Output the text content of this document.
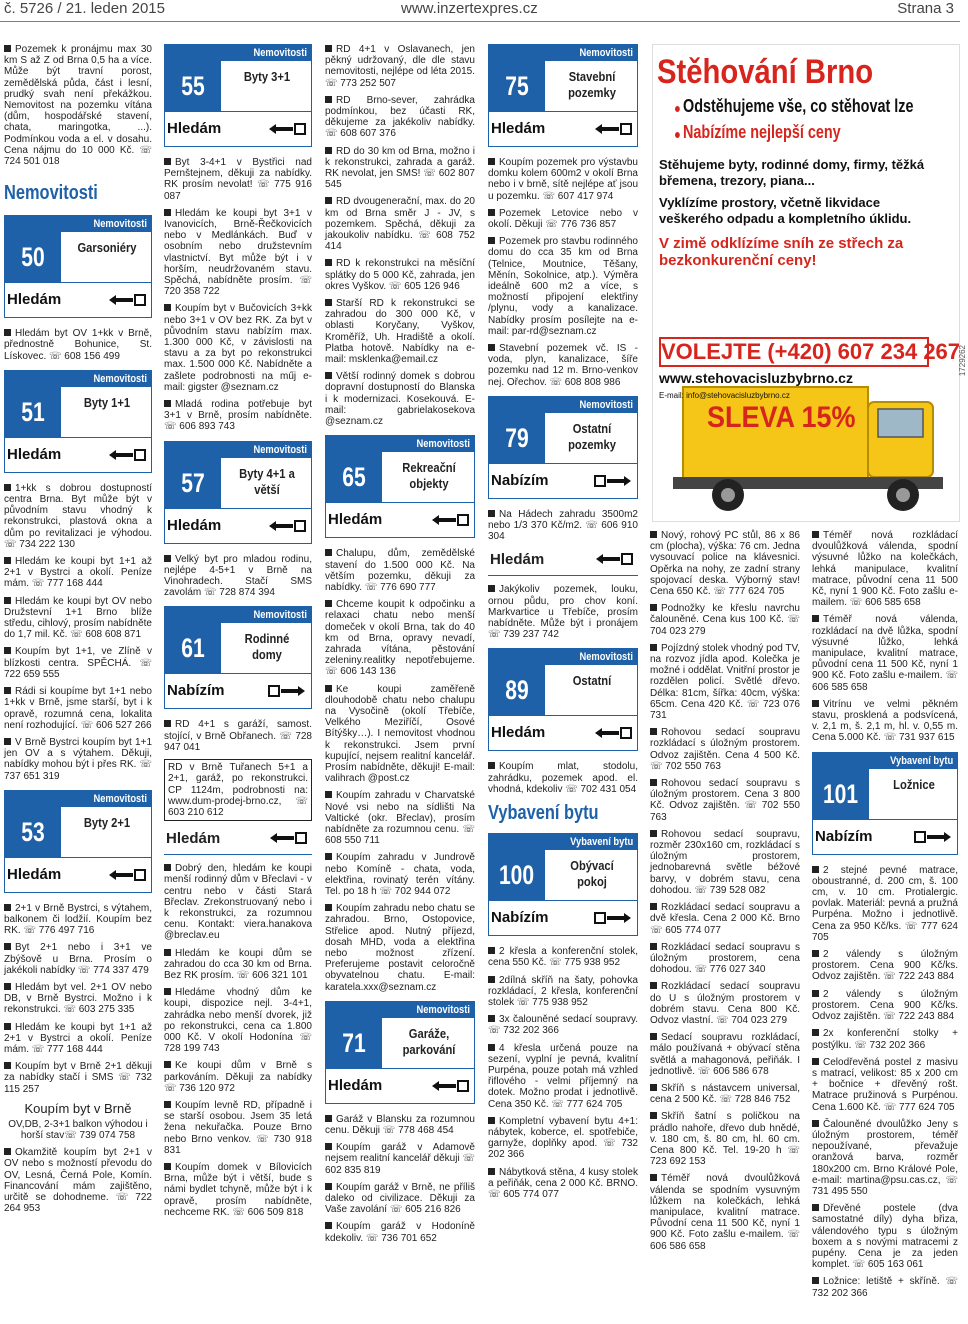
č. 5726 / 21. leden 2015	www.inzertexpres.cz	Strana 3

Pozemek k pronájmu max 30 km S až Z od Brna 0,5 ha a více. Může být travní porost, zemědělská půda, část i lesní, prudký svah není překážkou. Nemovitost na pozemku vítána (dům, hospodářské stavení, chata, maringotka, ...). Podmínkou voda a el. v dosahu. Cena nájmu do 10 000 Kč. ☏ 724 501 018

Nemovitosti
Nemovitosti
50	Garsoniéry
Hledám

Hledám byt OV 1+kk v Brně, přednostně Bohunice, St. Lískovec. ☏ 608 156 499

Nemovitosti
51	Byty 1+1
Hledám

1+kk s dobrou dostupností centra Brna. Byt může být v původním stavu vhodný k rekonstrukci, plastová okna a dům po revitalizaci je výhodou. ☏ 734 222 130

Hledám ke koupi byt 1+1 až 2+1 v Bystrci a okolí. Peníze mám. ☏ 777 168 444

Hledám ke koupi byt OV nebo Družstevní 1+1 Brno blíže středu, cihlový, prosím nabídněte do 1,7 mil. Kč. ☏ 608 608 871

Koupím byt 1+1, ve Zlíně v blízkosti centra. SPĚCHÁ. ☏ 722 659 555

Rádi si koupíme byt 1+1 nebo 1+kk v Brně, jsme starší, byt i k opravě, rozumná cena, lokalita není rozhodující. ☏ 606 527 266

V Brně Bystrci koupím byt 1+1 jen OV a s výtahem. Děkuji, nabídky mohou být i přes RK. ☏ 737 651 319

Nemovitosti
53	Byty 2+1
Hledám

2+1 v Brně Bystrci, s výtahem, balkonem či lodžií. Koupím bez RK. ☏ 776 497 716

Byt 2+1 nebo i 3+1 ve Zbýšově u Brna. Prosím o jakékoli nabídky ☏ 774 337 479

Hledám byt vel. 2+1 OV nebo DB, v Brně Bystrci. Možno i k rekonstrukci. ☏ 603 275 335

Hledám ke koupi byt 1+1 až 2+1 v Bystrci a okolí. Peníze mám. ☏ 777 168 444

Koupím byt v Brně 2+1 děkuji za nabídky stačí i SMS ☏ 732 115 257

Koupím byt v Brně

OV,DB, 2-3+1 balkon výhodou i horší stav☏ 739 074 758

Okamžitě koupím byt 2+1 v OV nebo s možností převodu do OV, Lesná, Černá Pole, Komín. Financování mám zajištěno, určitě se dohodneme. ☏ 722 264 953

Nemovitosti
55	Byty 3+1
Hledám

Byt 3-4+1 v Bystřici nad Pernštejnem, děkuji za nabídky. RK prosím nevolat! ☏ 775 916 087

Hledám ke koupi byt 3+1 v Ivanovicích, Brně-Řečkovicích nebo v Medlánkách. Buď v osobním nebo družstevním vlastnictví. Byt může být i v horším, neudržovaném stavu. Spěchá, nabídněte prosím. ☏ 720 358 722

Koupím byt v Bučovicích 3+kk nebo 3+1 v OV bez RK. Za byt v původním stavu nabízím max. 1.300 000 Kč, v závislosti na stavu a za byt po rekonstrukci max. 1.500 000 Kč. Nabídněte a zašlete podrobnosti na műj e-mail: gigster @seznam.cz

Mladá rodina potřebuje byt 3+1 v Brně, prosím nabídněte. ☏ 606 893 743

Nemovitosti
57	Byty 4+1 a větší
Hledám

Velký byt pro mladou rodinu, nejlépe 4-5+1 v Brně na Vinohradech. Stačí SMS zavolám ☏ 728 874 394

Nemovitosti
61	Rodinné domy
Nabízím

RD 4+1 s garáží, samost. stojící, v Brně Obřanech. ☏ 728 947 041

RD v Brně Tuřanech 5+1 a 2+1, garáž, po rekonstrukci. CP 1124m, podrobnosti na: www.dum-prodej-brno.cz, ☏ 603 210 612

Hledám

Dobrý den, hledám ke koupi menší rodinný dům v Břeclavi - v centru nebo v části Stará Břeclav. Zrekonstruovaný nebo i k rekonstrukci, za rozumnou cenu. Kontakt: viera.hanakova @breclav.eu

Hledám ke koupi dům se zahradou do cca 30 km od Brna. Bez RK prosím. ☏ 606 321 101

Hledáme vhodný dům ke koupi, dispozice nejl. 3-4+1, zahrádka nebo menší dvorek, již po rekonstrukci, cena ca 1.800 000 Kč. V okolí Hodonína ☏ 728 199 743

Ke koupi dům v Brně s parkováním. Děkuji za nabídky ☏ 736 120 972

Koupím levně RD, případně i se starší osobou. Jsem 35 letá žena nekuřačka. Pouze Brno nebo Brno venkov. ☏ 730 918 831

Koupím domek v Bílovicích Brna, může být i větší, bude s námi bydlet tchyně, může být i k opravě, prosím nabídněte, nechceme RK. ☏ 606 509 818

RD 4+1 v Oslavanech, jen pěkný udržovaný, dle dle stavu nemovitosti, nejlépe od léta 2015. ☏ 773 252 507

RD Brno-sever, zahrádka podmínkou, bez účasti RK, děkujeme za jakékoliv nabídky. ☏ 608 607 376

RD do 30 km od Brna, možno i k rekonstrukci, zahrada a garáž. RK nevolat, jen SMS! ☏ 602 807 545

RD dvougenerační, max. do 20 km od Brna směr J - JV, s pozemkem. Spěchá, děkuji za jakoukoliv nabídku. ☏ 608 752 414

RD k rekonstrukci na měsíční splátky do 5 000 Kč, zahrada, jen okres Vyškov. ☏ 605 126 946

Starší RD k rekonstrukci se zahradou do 300 000 Kč, v oblasti Koryčany, Vyškov, Kroměříž, Uh. Hradiště a okolí. Platba hotově. Nabídky na e-mail: msklenka@email.cz

Větší rodinný domek s dobrou dopravní dostupností do Blanska i k modernizaci. Kosekouvá. E-mail: gabrielakosekova @seznam.cz

Nemovitosti
65	Rekreační objekty
Hledám

Chalupu, dům, zemědělské stavení do 1.500 000 Kč. Na větším pozemku, děkuji za nabídky. ☏ 776 690 777

Chceme koupit k odpočinku a relaxaci chatu nebo menší domeček v okolí Brna, tak do 40 km od Brna, opravy nevadí, zahrada vítána, pěstování zeleniny.realitky nepotřebujeme. ☏ 606 143 136

Ke koupi zaměřeně dlouhodobě chatu nebo chalupu na Vysočině (okolí Třebíče, Velkého Meziříčí, Osové Bítýšky…). I nemovitost vhodnou k rekonstrukci. Jsem první kupující, nejsem realitní kancelář. Prosím nabídněte, děkuji! E-mail: valihrach @post.cz

Koupím zahradu v Charvatské Nové vsi nebo na sídlišti Na Valtické (okr. Břeclav), prosím nabídněte za rozumnou cenu. ☏ 608 550 711

Koupím zahradu v Jundrově nebo Komíně - chata, voda, elektřina, rovinatý terén vítány. Tel. po 18 h ☏ 702 944 072

Koupím zahradu nebo chatu se zahradou. Brno, Ostopovice, Střelice apod. Nutný příjezd, dosah MHD, voda a elektřina nebo možnost zřízení. Preferujeme postavit celoročně obyvatelnou chatu. E-mail: karatela.xxx@seznam.cz

Nemovitosti
71	Garáže, parkování
Hledám

Garáž v Blansku za rozumnou cenu. Děkuji ☏ 778 468 454

Koupím garáž v Adamově nejsem realitní kancelář děkuji ☏ 602 835 819

Koupím garáž v Brně, ne příliš daleko od civilizace. Děkuji za Vaše zavolání ☏ 605 216 826

Koupím garáž v Hodoníně kdekoliv. ☏ 736 701 652

Nemovitosti
75	Stavební pozemky
Hledám

Koupím pozemek pro výstavbu domku kolem 600m2 v okolí Brna nebo i v brně, sítě nejlépe ať jsou u pozemku. ☏ 607 417 974

Pozemek Letovice nebo v okolí. Děkuji ☏ 776 736 857

Pozemek pro stavbu rodinného domu do cca 35 km od Brna (Telnice, Moutnice, Těšany, Měnín, Sokolnice, atp.). Výměra ideálně 600 m2 a více, s možností připojení elektřiny /plynu, vody a kanalizace. Nabídky prosím posílejte na e-mail: par-rd@seznam.cz

Stavební pozemek vč. IS - voda, plyn, kanalizace, šíře pozemku nad 12 m. Brno-venkov nej. Ořechov. ☏ 608 808 986

Nemovitosti
79	Ostatní pozemky
Nabízím

Na Hádech zahradu 3500m2 nebo 1/3 370 Kč/m2. ☏ 606 910 304

Hledám

Jakýkoliv pozemek, louku, ornou půdu, pro chov koní. Markvartice u Třebíče, prosím nabídněte. Může být i pronájem ☏ 739 237 742

Nemovitosti
89	Ostatní
Hledám

Koupím mlat, stodolu, zahrádku, pozemek apod. el. vhodná, kdekoliv ☏ 702 431 054

Vybavení bytu
Vybavení bytu
100	Obývací pokoj
Nabízím

2 křesla a konferenční stolek, cena 550 Kč. ☏ 775 938 952

2dílná skříň na šaty, pohovka rozkládací, 2 křesla, konferenční stolek ☏ 775 938 952

3x čalouněné sedací soupravy. ☏ 732 202 366

4 křesla určená pouze na sezení, vyplní je pevná, kvalitní Purpéna, pouze potah má vzhled řiflového - velmi příjemný na dotek. Možno prodat i jednotlivě. Cena 350 Kč. ☏ 777 624 705

Kompletní vybavení bytu 4+1: nábytek, koberce, el. spotřebiče, garnyže, doplňky apod. ☏ 732 202 366

Nábytková stěna, 4 kusy stolek a peřiňák, cena 2 000 Kč. BRNO. ☏ 605 774 077

Stěhování Brno
Odstěhujeme vše, co stěhovat lze
Nabízíme nejlepší ceny
Stěhujeme byty, rodinné domy, firmy, těžká břemena, trezory, piana...
Vyklízíme prostory, včetně likvidace veškerého odpadu a kompletního úklidu.
V zimě odklízíme sníh ze střech za bezkonkurenční ceny!
VOLEJTE (+420) 607 234 267
www.stehovacisluzbybrno.cz
E-mail: info@stehovacisluzbybrno.cz
SLEVA 15%
1729262

Nový, rohový PC stůl, 86 x 86 cm (plocha), výška: 76 cm. Jedna vysouvací police na klávesnici. Opěrka na nohy, ze zadní strany spojovací deska. Výborný stav! Cena 650 Kč. ☏ 777 624 705

Podnožky ke křeslu navrchu čalouněné. Cena kus 100 Kč. ☏ 704 023 279

Pojízdný stolek vhodný pod TV, na rozvoz jídla apod. Kolečka je možné i oddělat. Vnitřní prostor je rozdělen policí. Světlé dřevo. Délka: 81cm, šířka: 40cm, výška: 65cm. Cena 420 Kč. ☏ 723 076 731

Rohovou sedací soupravu rozkládací s úložným prostorem. Odvoz zajištěn. Cena 4 500 Kč. ☏ 702 550 763

Rohovou sedací soupravu s úložným prostorem. Cena 3 800 Kč. Odvoz zajištěn. ☏ 702 550 763

Rohovou sedací soupravu, rozměr 230x160 cm, rozkládací s úložným prostorem, jednobarevná světle béžové barvy, v dobrém stavu, cena dohodou. ☏ 739 528 082

Rozkládací sedací soupravu a dvě křesla. Cena 2 000 Kč. Brno ☏ 605 774 077

Rozkládací sedací soupravu s úložným prostorem, cena dohodou. ☏ 776 027 340

Rozkládací sedací soupravu do U s úložným prostorem v dobrém stavu. Cena 800 Kč. Odvoz vlastní. ☏ 704 023 279

Sedací soupravu rozkládací, málo používaná + obývací stěna světlá a mahagonová, peřiňák. I jednotlivě. ☏ 606 586 678

Skříň s nástavcem universal, cena 2 500 Kč. ☏ 728 846 752

Skříň šatní s poličkou na prádlo nahoře, dřevo dub hnědé, v. 180 cm, š. 80 cm, hl. 60 cm. Cena 800 Kč. Tel. 19-20 h ☏ 723 692 153

Téměř nová dvoulůžková válenda se spodním vysuvným lůžkem na kolečkách, lehká manipulace, kvalitní matrace. Původní cena 11 500 Kč, nyní 1 900 Kč. Foto zašlu e-mailem. ☏ 606 586 658

Téměř nová rozkládací dvoulůžková válenda, spodní výsuvné lůžko na kolečkách, lehká manipulace, kvalitní matrace, původní cena 11 500 Kč, nyní 1 900 Kč. Foto zašlu e-mailem. ☏ 606 585 658

Téměř nová válenda, rozkládací na dvě lůžka, spodní výsuvné lůžko, lehká manipulace, kvalitní matrace, původní cena 11 500 Kč, nyní 1 900 Kč. Foto zašlu e-mailem. ☏ 606 585 658

Vitrínu ve velmi pěkném stavu, prosklená a podsvícená, v. 2,1 m, š. 2,1 m, hl. v. 0,55 m. Cena 5.000 Kč. ☏ 731 937 615

Vybavení bytu
101	Ložnice
Nabízím

2 stejné pevné matrace, oboustranné, d. 200 cm, š. 100 cm, v. 10 cm. Protialergic. povlak. Materiál: pevná a pružná Purpéna. Možno i jednotlivě. Cena za 950 Kč/ks. ☏ 777 624 705

2 válendy s úložným prostorem. Cena 900 Kč/ks. Odvoz zajištěn. ☏ 722 243 884

2 válendy s úložným prostorem. Cena 900 Kč/ks. Odvoz zajištěn. ☏ 722 243 884

2x konferenční stolky + postýlku. ☏ 732 202 366

Celodřevěná postel z masivu s matrací, velikost: 85 x 200 cm + bočnice + dřevěný rošt. Matrace pružinová s Purpénou. Cena 1.600 Kč. ☏ 777 624 705

Čalouněné dvoulůžko Jeny s úložným prostorem, téměř nepoužívané, převažuje oranžová barva, rozměr 180x200 cm. Brno Králové Pole, e-mail: martina@psu.cas.cz, ☏ 731 495 550

Dřevěné postele (dva samostatné díly) dyha břiza, válendového typu s úložným boxem a s novými matracemi z pupény. Cena je za jeden komplet. ☏ 605 163 061

Ložnice: letiště + skříně. ☏ 732 202 366
